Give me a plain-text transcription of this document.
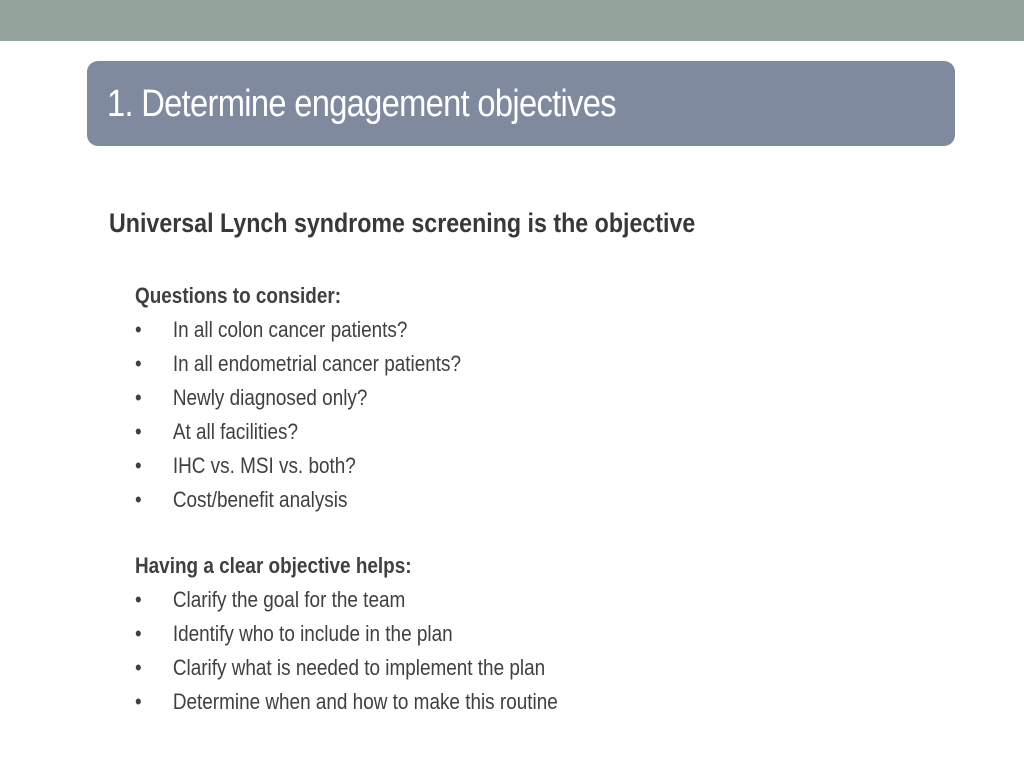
1. Determine engagement objectives
Universal Lynch syndrome screening is the objective
Questions to consider:
•	In all colon cancer patients?
•	In all endometrial cancer patients?
•	Newly diagnosed only?
•	At all facilities?
•	IHC vs. MSI vs. both?
•	Cost/benefit analysis
Having a clear objective helps:
•	Clarify the goal for the team
•	Identify who to include in the plan
•	Clarify what is needed to implement the plan
•	Determine when and how to make this routine
